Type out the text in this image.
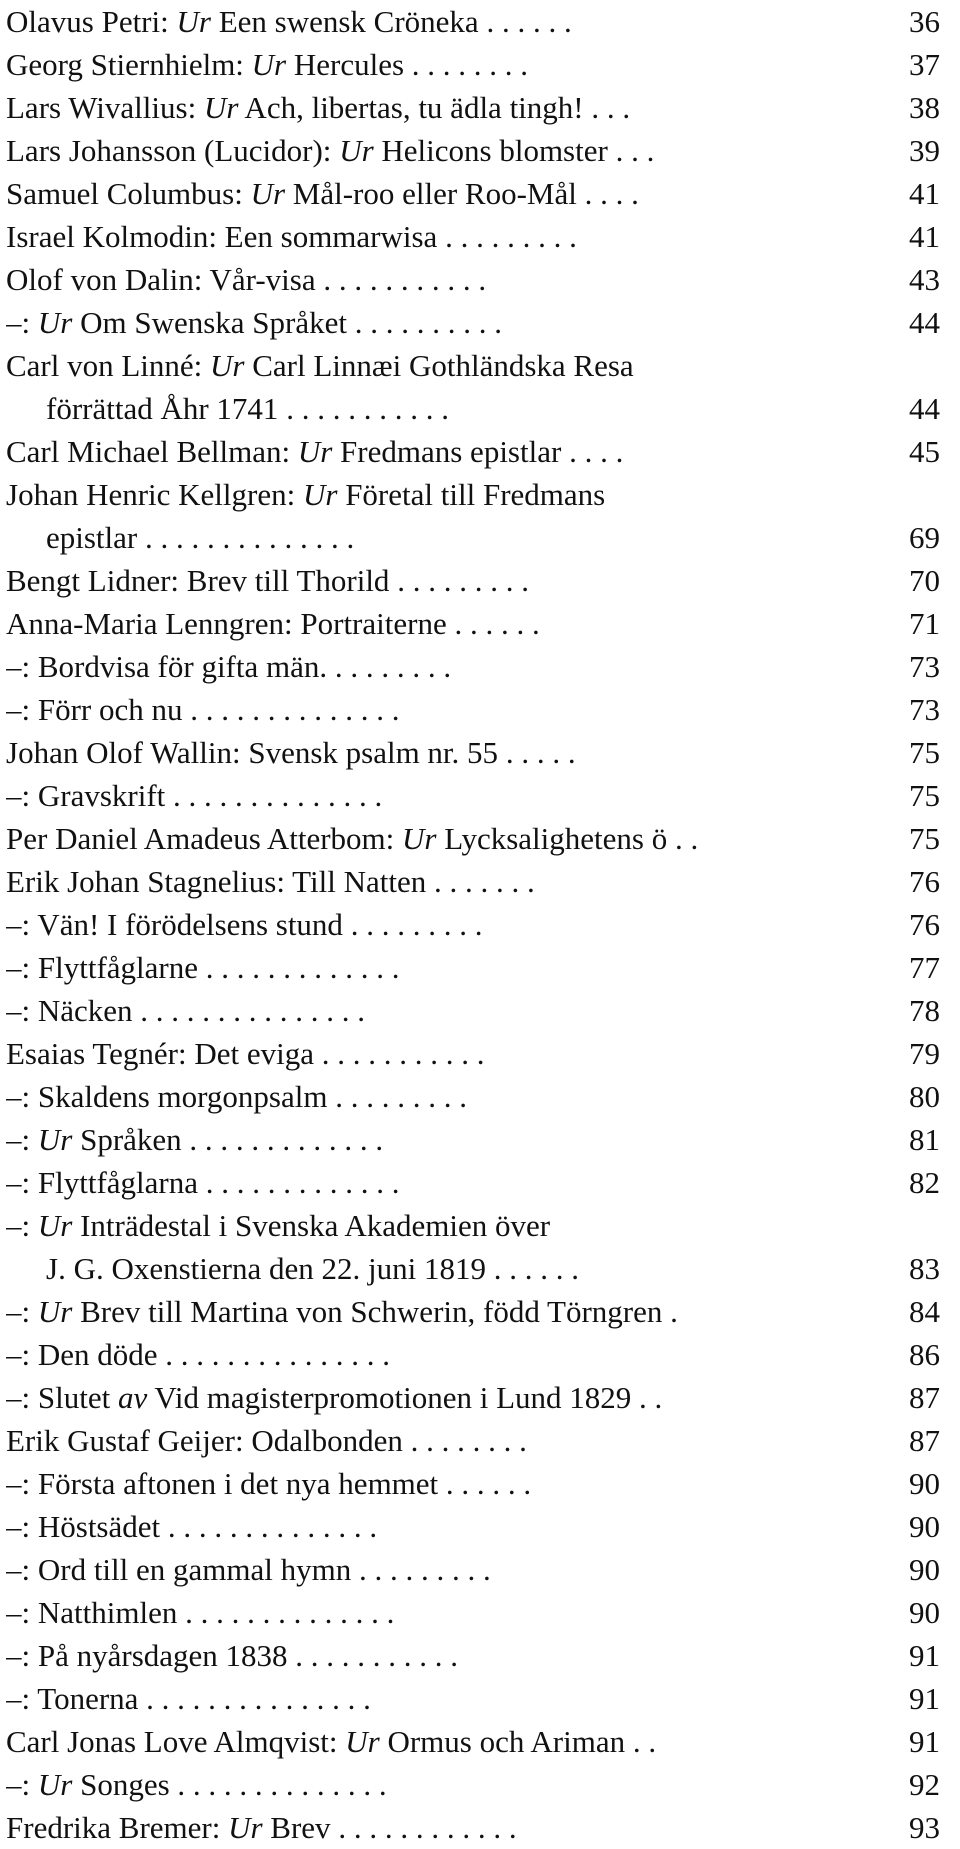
Olavus Petri: Ur Een swensk Cröneka . . . . . .	36
Georg Stiernhielm: Ur Hercules . . . . . . . .	37
Lars Wivallius: Ur Ach, libertas, tu ädla tingh! . . .	38
Lars Johansson (Lucidor): Ur Helicons blomster . . .	39
Samuel Columbus: Ur Mål-roo eller Roo-Mål . . . .	41
Israel Kolmodin: Een sommarwisa . . . . . . . . .	41
Olof von Dalin: Vår-visa . . . . . . . . . . .	43
–: Ur Om Swenska Språket . . . . . . . . . .	44
Carl von Linné: Ur Carl Linnæi Gothländska Resa
förrättad Åhr 1741 . . . . . . . . . . .	44
Carl Michael Bellman: Ur Fredmans epistlar . . . .	45
Johan Henric Kellgren: Ur Företal till Fredmans
epistlar . . . . . . . . . . . . . .	69
Bengt Lidner: Brev till Thorild . . . . . . . . .	70
Anna-Maria Lenngren: Portraiterne . . . . . .	71
–: Bordvisa för gifta män. . . . . . . . .	73
–: Förr och nu . . . . . . . . . . . . . .	73
Johan Olof Wallin: Svensk psalm nr. 55 . . . . .	75
–: Gravskrift . . . . . . . . . . . . . .	75
Per Daniel Amadeus Atterbom: Ur Lycksalighetens ö . .	75
Erik Johan Stagnelius: Till Natten . . . . . . .	76
–: Vän! I förödelsens stund . . . . . . . . .	76
–: Flyttfåglarne . . . . . . . . . . . . .	77
–: Näcken . . . . . . . . . . . . . . .	78
Esaias Tegnér: Det eviga . . . . . . . . . . .	79
–: Skaldens morgonpsalm . . . . . . . . .	80
–: Ur Språken . . . . . . . . . . . . .	81
–: Flyttfåglarna . . . . . . . . . . . . .	82
–: Ur Inträdestal i Svenska Akademien över
J. G. Oxenstierna den 22. juni 1819 . . . . . .	83
–: Ur Brev till Martina von Schwerin, född Törngren .	84
–: Den döde . . . . . . . . . . . . . . .	86
–: Slutet av Vid magisterpromotionen i Lund 1829 . .	87
Erik Gustaf Geijer: Odalbonden . . . . . . . .	87
–: Första aftonen i det nya hemmet . . . . . .	90
–: Höstsädet . . . . . . . . . . . . . .	90
–: Ord till en gammal hymn . . . . . . . . .	90
–: Natthimlen . . . . . . . . . . . . . .	90
–: På nyårsdagen 1838 . . . . . . . . . . .	91
–: Tonerna . . . . . . . . . . . . . . .	91
Carl Jonas Love Almqvist: Ur Ormus och Ariman . .	91
–: Ur Songes . . . . . . . . . . . . . .	92
Fredrika Bremer: Ur Brev . . . . . . . . . . . .	93
